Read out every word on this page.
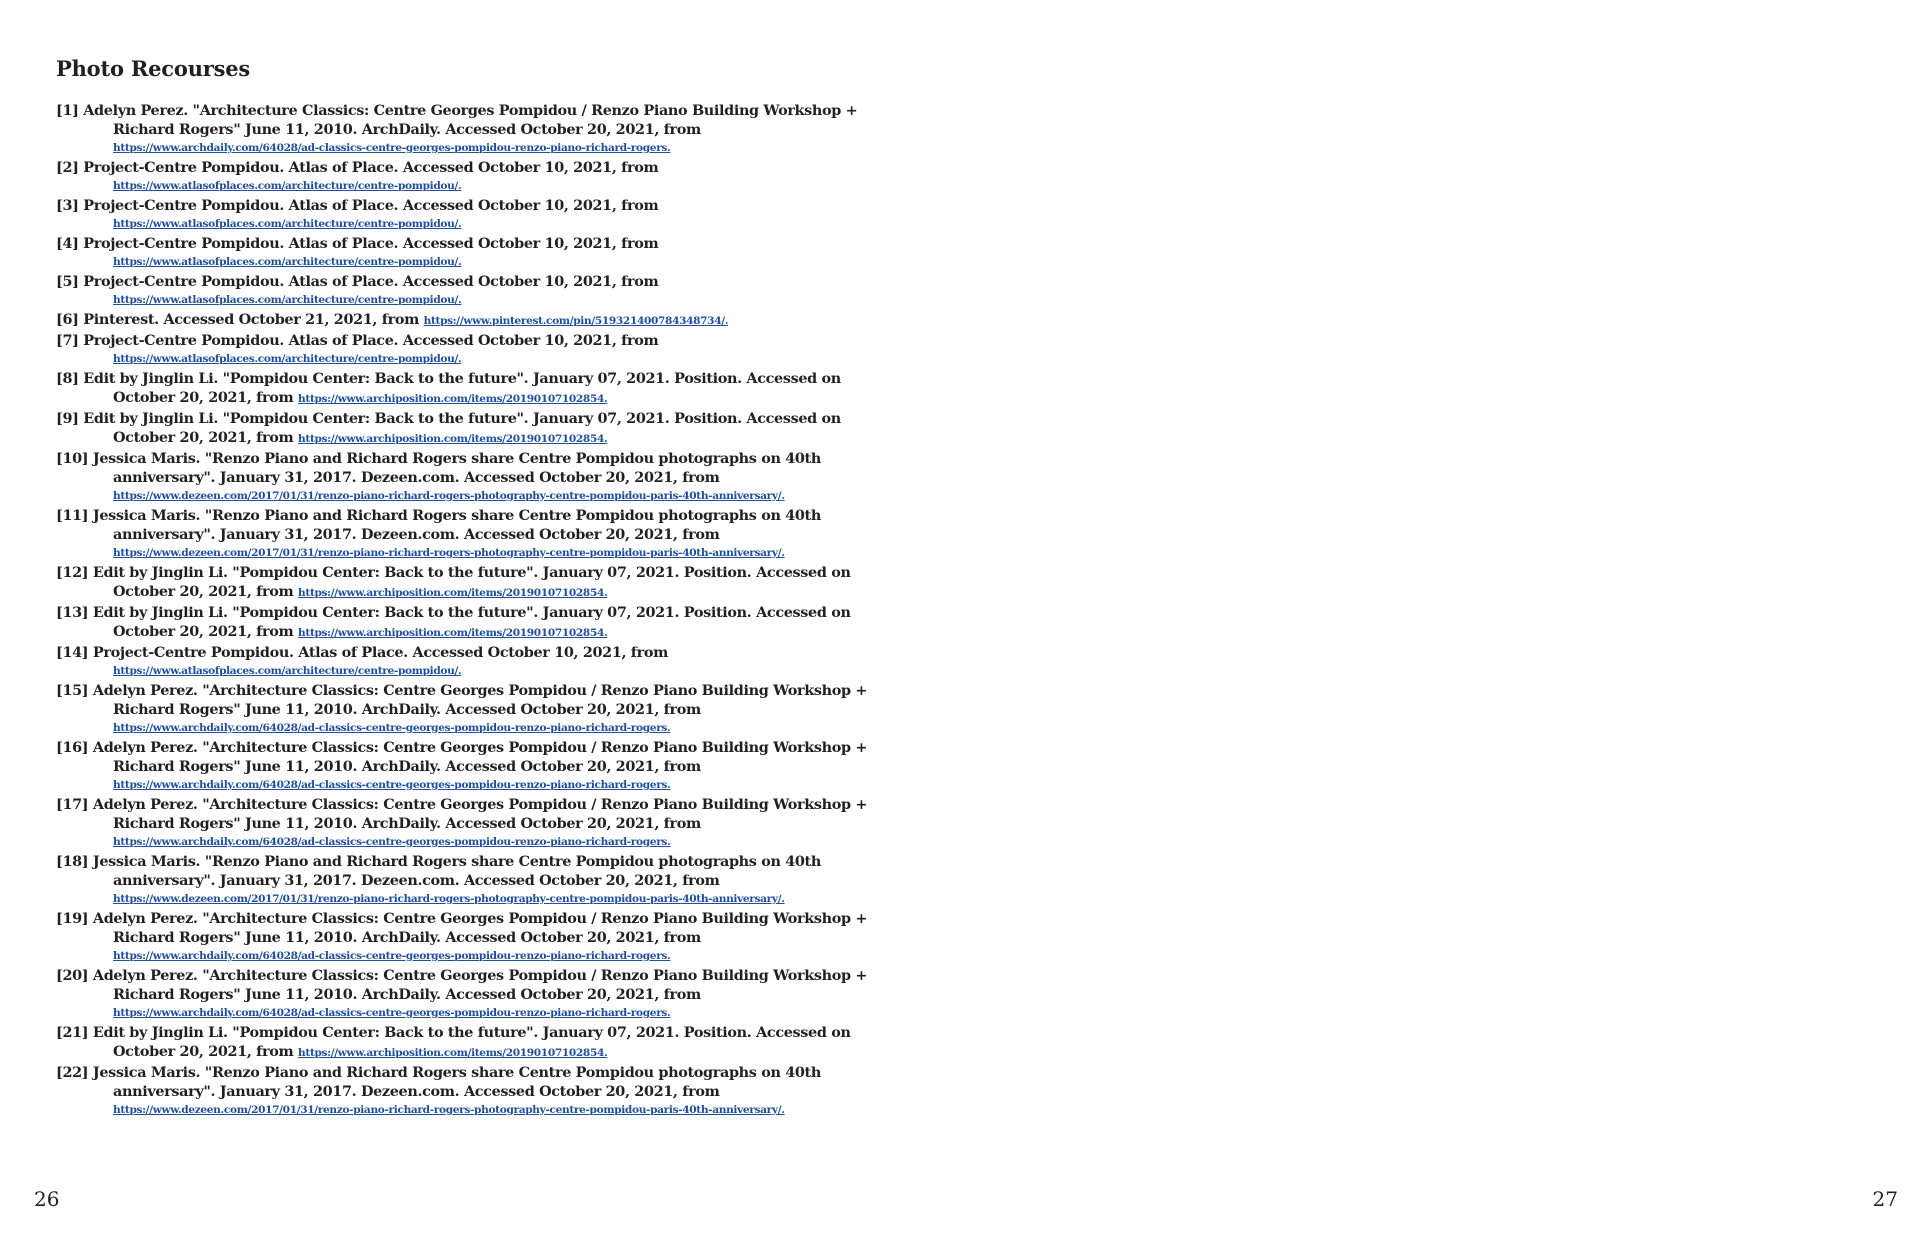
Photo Recourses
[1] Adelyn Perez. "Architecture Classics: Centre Georges Pompidou / Renzo Piano Building Workshop +
Richard Rogers" June 11, 2010. ArchDaily. Accessed October 20, 2021, from
https://www.archdaily.com/64028/ad-classics-centre-georges-pompidou-renzo-piano-richard-rogers.
[2] Project-Centre Pompidou. Atlas of Place. Accessed October 10, 2021, from
https://www.atlasofplaces.com/architecture/centre-pompidou/.
[3] Project-Centre Pompidou. Atlas of Place. Accessed October 10, 2021, from
https://www.atlasofplaces.com/architecture/centre-pompidou/.
[4] Project-Centre Pompidou. Atlas of Place. Accessed October 10, 2021, from
https://www.atlasofplaces.com/architecture/centre-pompidou/.
[5] Project-Centre Pompidou. Atlas of Place. Accessed October 10, 2021, from
https://www.atlasofplaces.com/architecture/centre-pompidou/.
[6] Pinterest. Accessed October 21, 2021, from https://www.pinterest.com/pin/519321400784348734/.
[7] Project-Centre Pompidou. Atlas of Place. Accessed October 10, 2021, from
https://www.atlasofplaces.com/architecture/centre-pompidou/.
[8] Edit by Jinglin Li. "Pompidou Center: Back to the future". January 07, 2021. Position. Accessed on
October 20, 2021, from https://www.archiposition.com/items/20190107102854.
[9] Edit by Jinglin Li. "Pompidou Center: Back to the future". January 07, 2021. Position. Accessed on
October 20, 2021, from https://www.archiposition.com/items/20190107102854.
[10] Jessica Maris. "Renzo Piano and Richard Rogers share Centre Pompidou photographs on 40th
anniversary". January 31, 2017. Dezeen.com. Accessed October 20, 2021, from
https://www.dezeen.com/2017/01/31/renzo-piano-richard-rogers-photography-centre-pompidou-paris-40th-anniversary/.
[11] Jessica Maris. "Renzo Piano and Richard Rogers share Centre Pompidou photographs on 40th
anniversary". January 31, 2017. Dezeen.com. Accessed October 20, 2021, from
https://www.dezeen.com/2017/01/31/renzo-piano-richard-rogers-photography-centre-pompidou-paris-40th-anniversary/.
[12] Edit by Jinglin Li. "Pompidou Center: Back to the future". January 07, 2021. Position. Accessed on
October 20, 2021, from https://www.archiposition.com/items/20190107102854.
[13] Edit by Jinglin Li. "Pompidou Center: Back to the future". January 07, 2021. Position. Accessed on
October 20, 2021, from https://www.archiposition.com/items/20190107102854.
[14] Project-Centre Pompidou. Atlas of Place. Accessed October 10, 2021, from
https://www.atlasofplaces.com/architecture/centre-pompidou/.
[15] Adelyn Perez. "Architecture Classics: Centre Georges Pompidou / Renzo Piano Building Workshop +
Richard Rogers" June 11, 2010. ArchDaily. Accessed October 20, 2021, from
https://www.archdaily.com/64028/ad-classics-centre-georges-pompidou-renzo-piano-richard-rogers.
[16] Adelyn Perez. "Architecture Classics: Centre Georges Pompidou / Renzo Piano Building Workshop +
Richard Rogers" June 11, 2010. ArchDaily. Accessed October 20, 2021, from
https://www.archdaily.com/64028/ad-classics-centre-georges-pompidou-renzo-piano-richard-rogers.
[17] Adelyn Perez. "Architecture Classics: Centre Georges Pompidou / Renzo Piano Building Workshop +
Richard Rogers" June 11, 2010. ArchDaily. Accessed October 20, 2021, from
https://www.archdaily.com/64028/ad-classics-centre-georges-pompidou-renzo-piano-richard-rogers.
[18] Jessica Maris. "Renzo Piano and Richard Rogers share Centre Pompidou photographs on 40th
anniversary". January 31, 2017. Dezeen.com. Accessed October 20, 2021, from
https://www.dezeen.com/2017/01/31/renzo-piano-richard-rogers-photography-centre-pompidou-paris-40th-anniversary/.
[19] Adelyn Perez. "Architecture Classics: Centre Georges Pompidou / Renzo Piano Building Workshop +
Richard Rogers" June 11, 2010. ArchDaily. Accessed October 20, 2021, from
https://www.archdaily.com/64028/ad-classics-centre-georges-pompidou-renzo-piano-richard-rogers.
[20] Adelyn Perez. "Architecture Classics: Centre Georges Pompidou / Renzo Piano Building Workshop +
Richard Rogers" June 11, 2010. ArchDaily. Accessed October 20, 2021, from
https://www.archdaily.com/64028/ad-classics-centre-georges-pompidou-renzo-piano-richard-rogers.
[21] Edit by Jinglin Li. "Pompidou Center: Back to the future". January 07, 2021. Position. Accessed on
October 20, 2021, from https://www.archiposition.com/items/20190107102854.
[22] Jessica Maris. "Renzo Piano and Richard Rogers share Centre Pompidou photographs on 40th
anniversary". January 31, 2017. Dezeen.com. Accessed October 20, 2021, from
https://www.dezeen.com/2017/01/31/renzo-piano-richard-rogers-photography-centre-pompidou-paris-40th-anniversary/.
26	27
